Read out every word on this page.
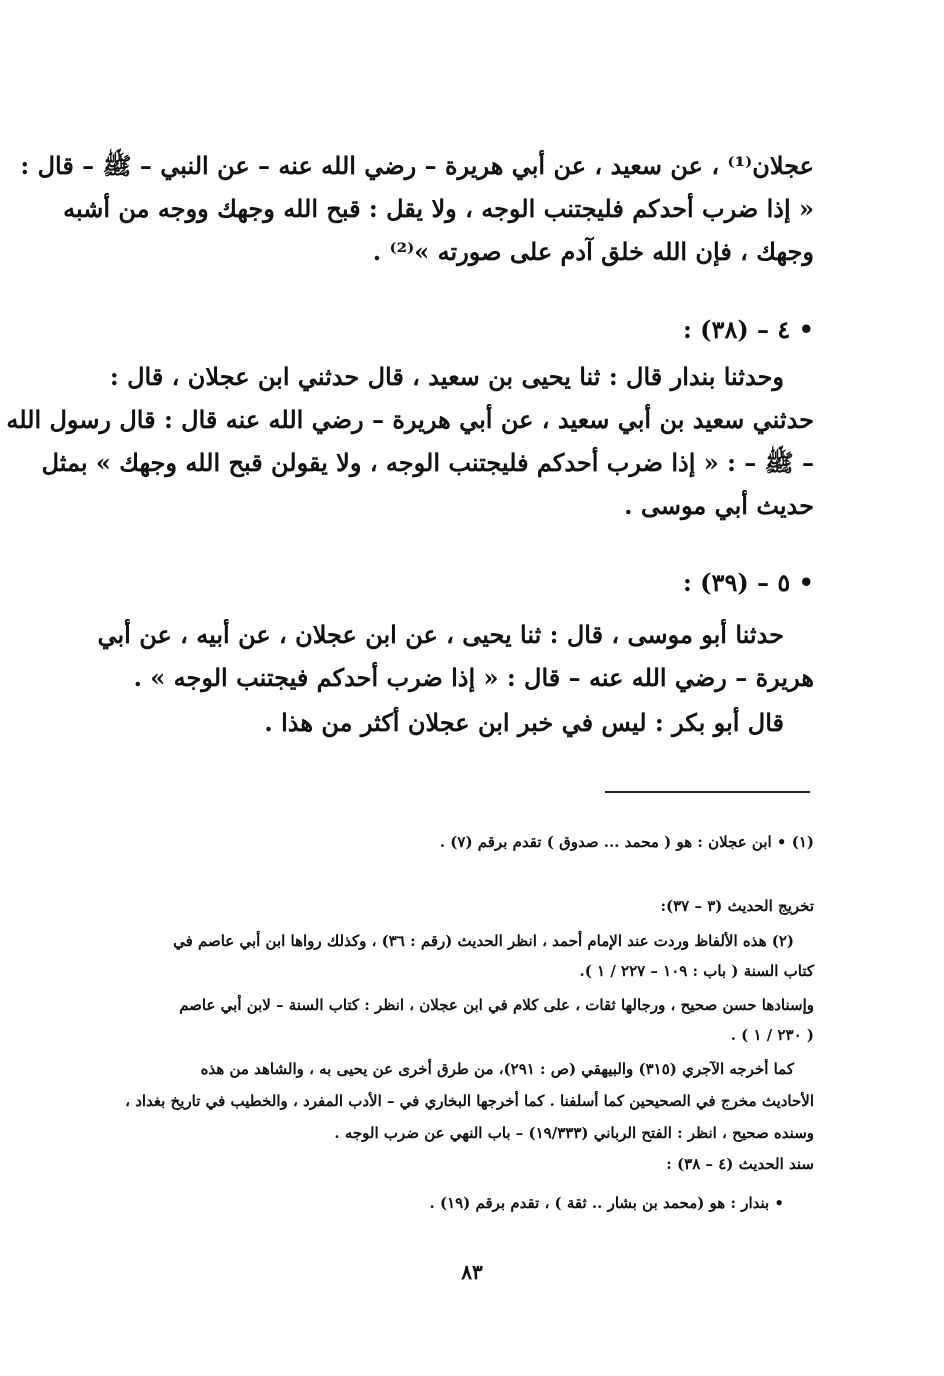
عجلان⁽¹⁾ ، عن سعيد ، عن أبي هريرة – رضي الله عنه – عن النبي – ﷺ – قال :
« إذا ضرب أحدكم فليجتنب الوجه ، ولا يقل : قبح الله وجهك ووجه من أشبه
وجهك ، فإن الله خلق آدم على صورته »⁽²⁾ .
• ٤ – (٣٨) :
وحدثنا بندار قال : ثنا يحيى بن سعيد ، قال حدثني ابن عجلان ، قال :
حدثني سعيد بن أبي سعيد ، عن أبي هريرة – رضي الله عنه قال : قال رسول الله
– ﷺ – : « إذا ضرب أحدكم فليجتنب الوجه ، ولا يقولن قبح الله وجهك » بمثل
حديث أبي موسى .
• ٥ – (٣٩) :
حدثنا أبو موسى ، قال : ثنا يحيى ، عن ابن عجلان ، عن أبيه ، عن أبي
هريرة – رضي الله عنه – قال : « إذا ضرب أحدكم فيجتنب الوجه » .
قال أبو بكر : ليس في خبر ابن عجلان أكثر من هذا .
(١) • ابن عجلان : هو ( محمد ... صدوق ) تقدم برقم (٧) .
تخريج الحديث (٣ – ٣٧):
(٢) هذه الألفاظ وردت عند الإمام أحمد ، انظر الحديث (رقم : ٣٦) ، وكذلك رواها ابن أبي عاصم في
كتاب السنة ( باب : ١٠٩ – ٢٢٧ / ١ ).
وإسنادها حسن صحيح ، ورجالها ثقات ، على كلام في ابن عجلان ، انظر : كتاب السنة – لابن أبي عاصم
( ٢٣٠ / ١ ) .
كما أخرجه الآجري (٣١٥) والبيهقي (ص : ٢٩١)، من طرق أخرى عن يحيى به ، والشاهد من هذه
الأحاديث مخرج في الصحيحين كما أسلفنا . كما أخرجها البخاري في – الأدب المفرد ، والخطيب في تاريخ بغداد ،
وسنده صحيح ، انظر : الفتح الرباني (١٩/٣٣٣) – باب النهي عن ضرب الوجه .
سند الحديث (٤ – ٣٨) :
• بندار : هو (محمد بن بشار .. ثقة ) ، تقدم برقم (١٩) .
٨٣
